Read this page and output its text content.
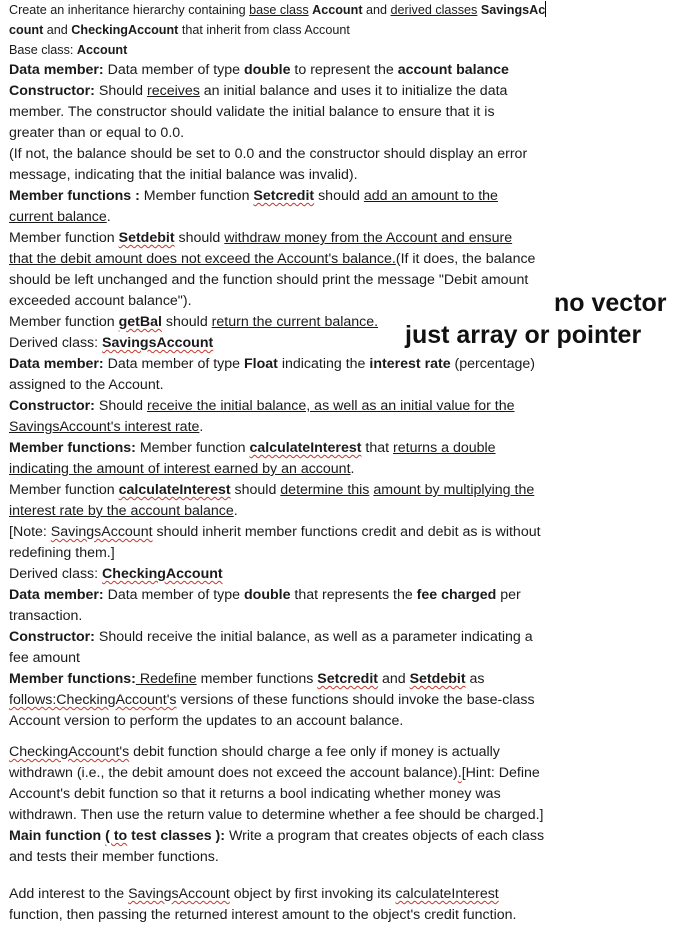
Create an inheritance hierarchy containing base class Account and derived classes SavingsAc
count and CheckingAccount that inherit from class Account
Base class: Account
Data member: Data member of type double to represent the account balance
Constructor: Should receives an initial balance and uses it to initialize the data
member. The constructor should validate the initial balance to ensure that it is
greater than or equal to 0.0.
(If not, the balance should be set to 0.0 and the constructor should display an error
message, indicating that the initial balance was invalid).
Member functions : Member function Setcredit should add an amount to the
current balance.
Member function Setdebit should withdraw money from the Account and ensure
that the debit amount does not exceed the Account's balance.(If it does, the balance
should be left unchanged and the function should print the message "Debit amount
exceeded account balance").
Member function getBal should return the current balance.
Derived class: SavingsAccount
Data member: Data member of type Float indicating the interest rate (percentage)
assigned to the Account.
Constructor: Should receive the initial balance, as well as an initial value for the
SavingsAccount's interest rate.
Member functions: Member function calculateInterest that returns a double
indicating the amount of interest earned by an account.
Member function calculateInterest should determine this amount by multiplying the
interest rate by the account balance.
[Note: SavingsAccount should inherit member functions credit and debit as is without
redefining them.]
Derived class: CheckingAccount
Data member: Data member of type double that represents the fee charged per
transaction.
Constructor: Should receive the initial balance, as well as a parameter indicating a
fee amount
Member functions: Redefine member functions Setcredit and Setdebit as
follows:CheckingAccount's versions of these functions should invoke the base-class
Account version to perform the updates to an account balance.
CheckingAccount's debit function should charge a fee only if money is actually
withdrawn (i.e., the debit amount does not exceed the account balance).[Hint: Define
Account's debit function so that it returns a bool indicating whether money was
withdrawn. Then use the return value to determine whether a fee should be charged.]
Main function ( to test classes ): Write a program that creates objects of each class
and tests their member functions.
Add interest to the SavingsAccount object by first invoking its calculateInterest
function, then passing the returned interest amount to the object's credit function.
no vector
just array or pointer
